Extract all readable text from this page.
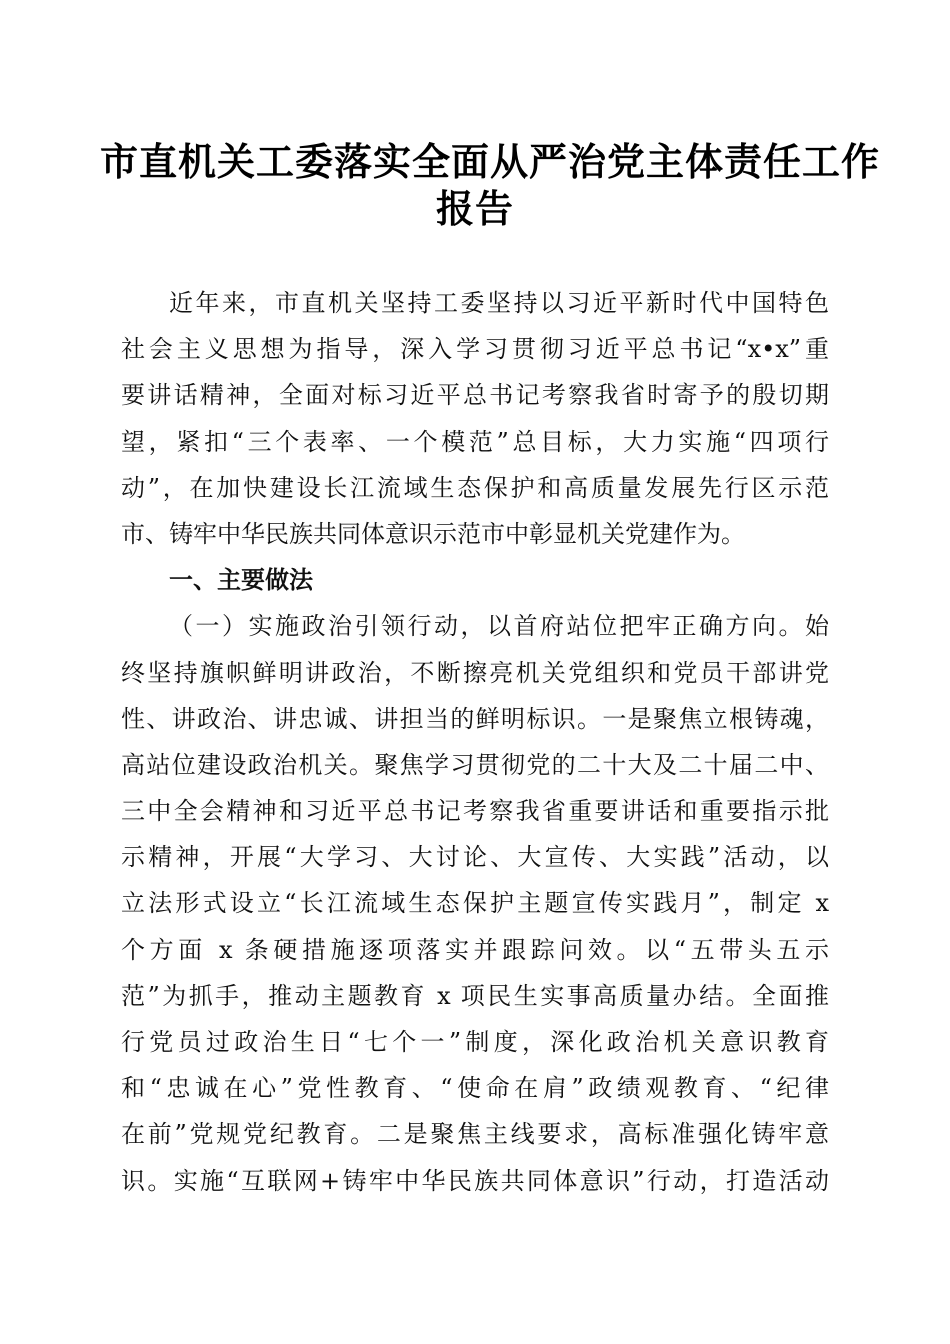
市直机关工委落实全面从严治党主体责任工作
报告
近年来，市直机关坚持工委坚持以习近平新时代中国特色
社会主义思想为指导，深入学习贯彻习近平总书记“x•x”重
要讲话精神，全面对标习近平总书记考察我省时寄予的殷切期
望，紧扣“三个表率、一个模范”总目标，大力实施“四项行
动”，在加快建设长江流域生态保护和高质量发展先行区示范
市、铸牢中华民族共同体意识示范市中彰显机关党建作为。
一、主要做法
（一）实施政治引领行动，以首府站位把牢正确方向。始
终坚持旗帜鲜明讲政治，不断擦亮机关党组织和党员干部讲党
性、讲政治、讲忠诚、讲担当的鲜明标识。一是聚焦立根铸魂，
高站位建设政治机关。聚焦学习贯彻党的二十大及二十届二中、
三中全会精神和习近平总书记考察我省重要讲话和重要指示批
示精神，开展“大学习、大讨论、大宣传、大实践”活动，以
立法形式设立“长江流域生态保护主题宣传实践月”，制定 x
个方面 x 条硬措施逐项落实并跟踪问效。以“五带头五示
范”为抓手，推动主题教育 x 项民生实事高质量办结。全面推
行党员过政治生日“七个一”制度，深化政治机关意识教育
和“忠诚在心”党性教育、“使命在肩”政绩观教育、“纪律
在前”党规党纪教育。二是聚焦主线要求，高标准强化铸牢意
识。实施“互联网+铸牢中华民族共同体意识”行动，打造活动
